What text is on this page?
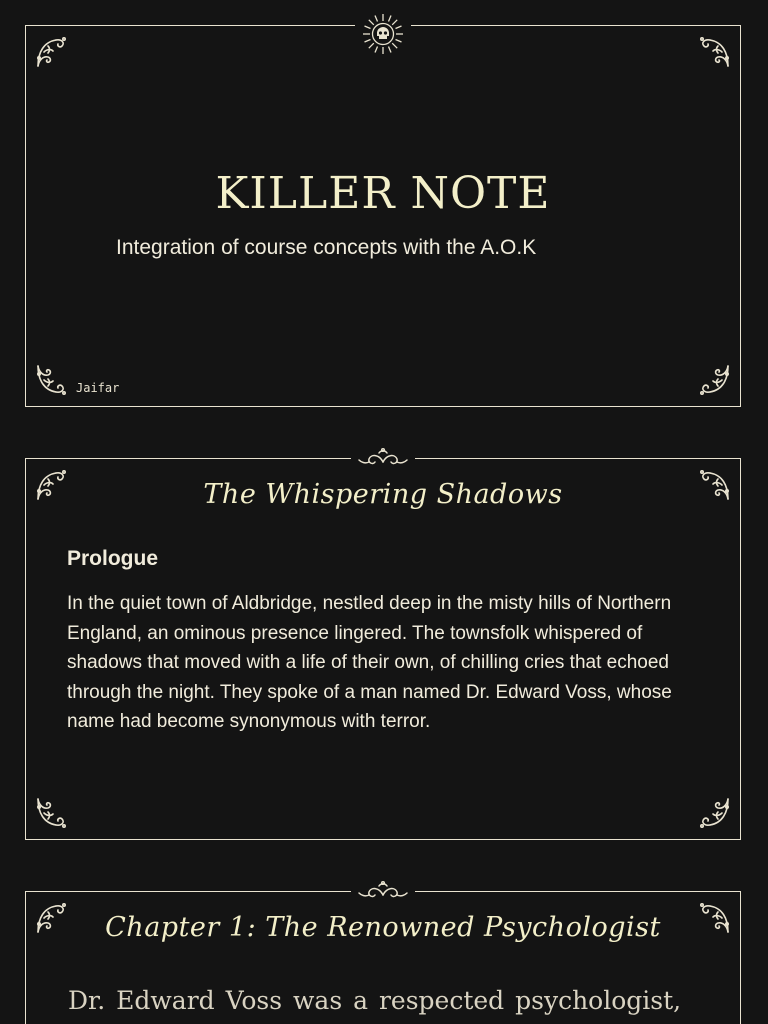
KILLER NOTE
Integration of course concepts with the A.O.K
Jaifar
The Whispering Shadows
Prologue
In the quiet town of Aldbridge, nestled deep in the misty hills of Northern England, an ominous presence lingered. The townsfolk whispered of shadows that moved with a life of their own, of chilling cries that echoed through the night. They spoke of a man named Dr. Edward Voss, whose name had become synonymous with terror.
Chapter 1: The Renowned Psychologist
Dr. Edward Voss was a respected psychologist,
